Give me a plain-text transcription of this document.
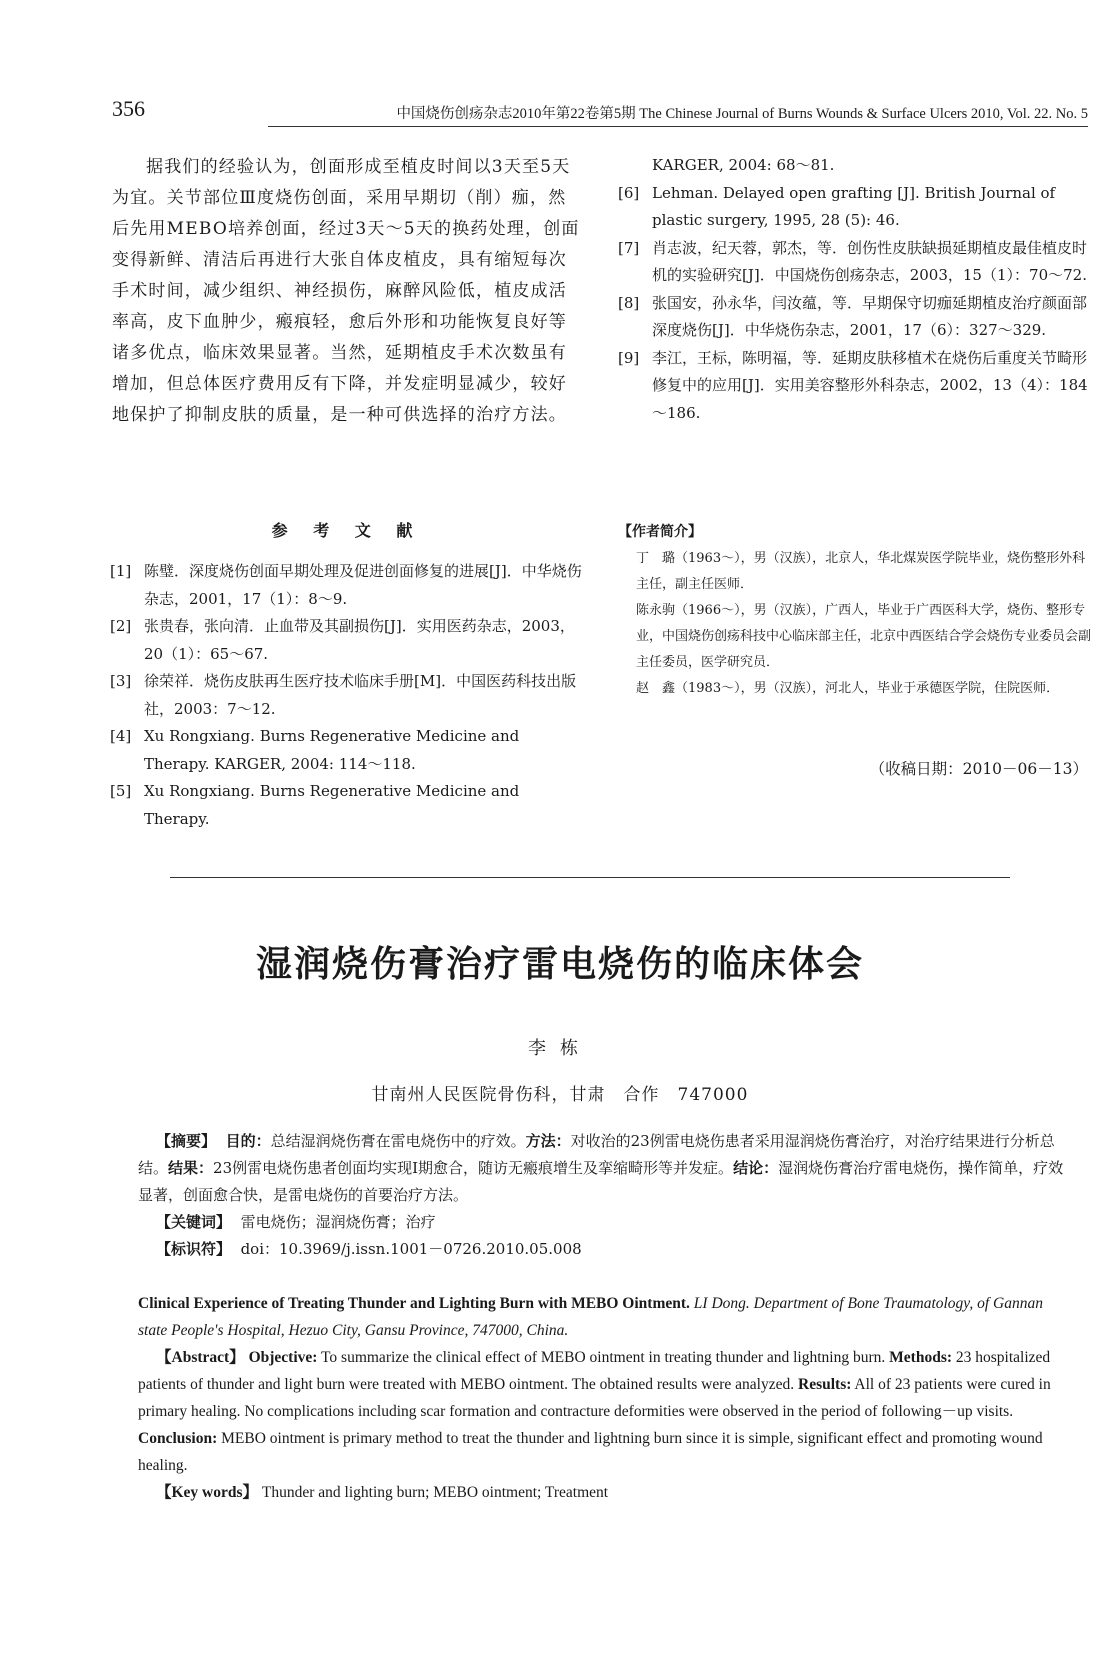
356	中国烧伤创疡杂志2010年第22卷第5期 The Chinese Journal of Burns Wounds & Surface Ulcers 2010, Vol. 22. No. 5
据我们的经验认为，创面形成至植皮时间以3天至5天为宜。关节部位Ⅲ度烧伤创面，采用早期切（削）痂，然后先用MEBO培养创面，经过3天～5天的换药处理，创面变得新鲜、清洁后再进行大张自体皮植皮，具有缩短每次手术时间，减少组织、神经损伤，麻醉风险低，植皮成活率高，皮下血肿少，瘢痕轻，愈后外形和功能恢复良好等诸多优点，临床效果显著。当然，延期植皮手术次数虽有增加，但总体医疗费用反有下降，并发症明显减少，较好地保护了抑制皮肤的质量，是一种可供选择的治疗方法。
参 考 文 献
[1] 陈璧．深度烧伤创面早期处理及促进创面修复的进展[J]．中华烧伤杂志，2001，17（1）：8～9.
[2] 张贵春，张向清．止血带及其副损伤[J]．实用医药杂志，2003，20（1）：65～67.
[3] 徐荣祥．烧伤皮肤再生医疗技术临床手册[M]．中国医药科技出版社，2003：7～12.
[4] Xu Rongxiang. Burns Regenerative Medicine and Therapy. KARGER, 2004: 114～118.
[5] Xu Rongxiang. Burns Regenerative Medicine and Therapy.
KARGER, 2004: 68～81.
[6] Lehman. Delayed open grafting [J]. British Journal of plastic surgery, 1995, 28 (5): 46.
[7] 肖志波，纪天蓉，郭杰，等．创伤性皮肤缺损延期植皮最佳植皮时机的实验研究[J]．中国烧伤创疡杂志，2003，15（1）：70～72.
[8] 张国安，孙永华，闫汝蕴，等．早期保守切痂延期植皮治疗颜面部深度烧伤[J]．中华烧伤杂志，2001，17（6）：327～329.
[9] 李江，王标，陈明福，等．延期皮肤移植术在烧伤后重度关节畸形修复中的应用[J]．实用美容整形外科杂志，2002，13（4）：184～186.
【作者简介】
丁　璐（1963～），男（汉族），北京人，华北煤炭医学院毕业，烧伤整形外科主任，副主任医师．
陈永驹（1966～），男（汉族），广西人，毕业于广西医科大学，烧伤、整形专业，中国烧伤创疡科技中心临床部主任，北京中西医结合学会烧伤专业委员会副主任委员，医学研究员．
赵　鑫（1983～），男（汉族），河北人，毕业于承德医学院，住院医师．
（收稿日期：2010－06－13）
湿润烧伤膏治疗雷电烧伤的临床体会
李栋
甘南州人民医院骨伤科，甘肃　合作　747000
【摘要】 目的：总结湿润烧伤膏在雷电烧伤中的疗效。方法：对收治的23例雷电烧伤患者采用湿润烧伤膏治疗，对治疗结果进行分析总结。结果：23例雷电烧伤患者创面均实现Ⅰ期愈合，随访无瘢痕增生及挛缩畸形等并发症。结论：湿润烧伤膏治疗雷电烧伤，操作简单，疗效显著，创面愈合快，是雷电烧伤的首要治疗方法。
【关键词】 雷电烧伤；湿润烧伤膏；治疗
【标识符】 doi：10.3969/j.issn.1001－0726.2010.05.008
Clinical Experience of Treating Thunder and Lighting Burn with MEBO Ointment. LI Dong. Department of Bone Traumatology, of Gannan state People's Hospital, Hezuo City, Gansu Province, 747000, China.
【Abstract】 Objective: To summarize the clinical effect of MEBO ointment in treating thunder and lightning burn. Methods: 23 hospitalized patients of thunder and light burn were treated with MEBO ointment. The obtained results were analyzed. Results: All of 23 patients were cured in primary healing. No complications including scar formation and contracture deformities were observed in the period of following－up visits. Conclusion: MEBO ointment is primary method to treat the thunder and lightning burn since it is simple, significant effect and promoting wound healing.
【Key words】 Thunder and lighting burn; MEBO ointment; Treatment
